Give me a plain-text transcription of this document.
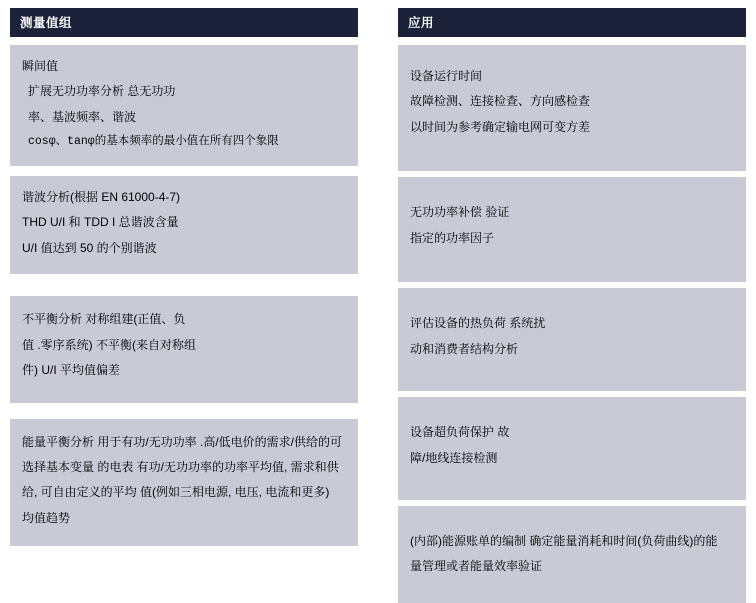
测量值组

瞬间值

扩展无功功率分析 总无功功

率、基波频率、谐波

cosφ、tanφ的基本频率的最小值在所有四个象限

谐波分析(根据 EN 61000-4-7)

THD U/I 和 TDD I 总谐波含量

U/I 值达到 50 的个别谐波

不平衡分析 对称组建(正值、负

值 .零序系统) 不平衡(来自对称组

件) U/I 平均值偏差

能量平衡分析 用于有功/无功功率 .高/低电价的需求/供给的可

选择基本变量 的电表 有功/无功功率的功率平均值, 需求和供

给, 可自由定义的平均 值(例如三相电源, 电压, 电流和更多)

均值趋势

应用

设备运行时间

故障检测、连接检查、方向感检查

以时间为参考确定输电网可变方差

无功功率补偿 验证

指定的功率因子

评估设备的热负荷 系统扰

动和消费者结构分析

设备超负荷保护 故

障/地线连接检测

(内部)能源账单的编制 确定能量消耗和时间(负荷曲线)的能

量管理或者能量效率验证
